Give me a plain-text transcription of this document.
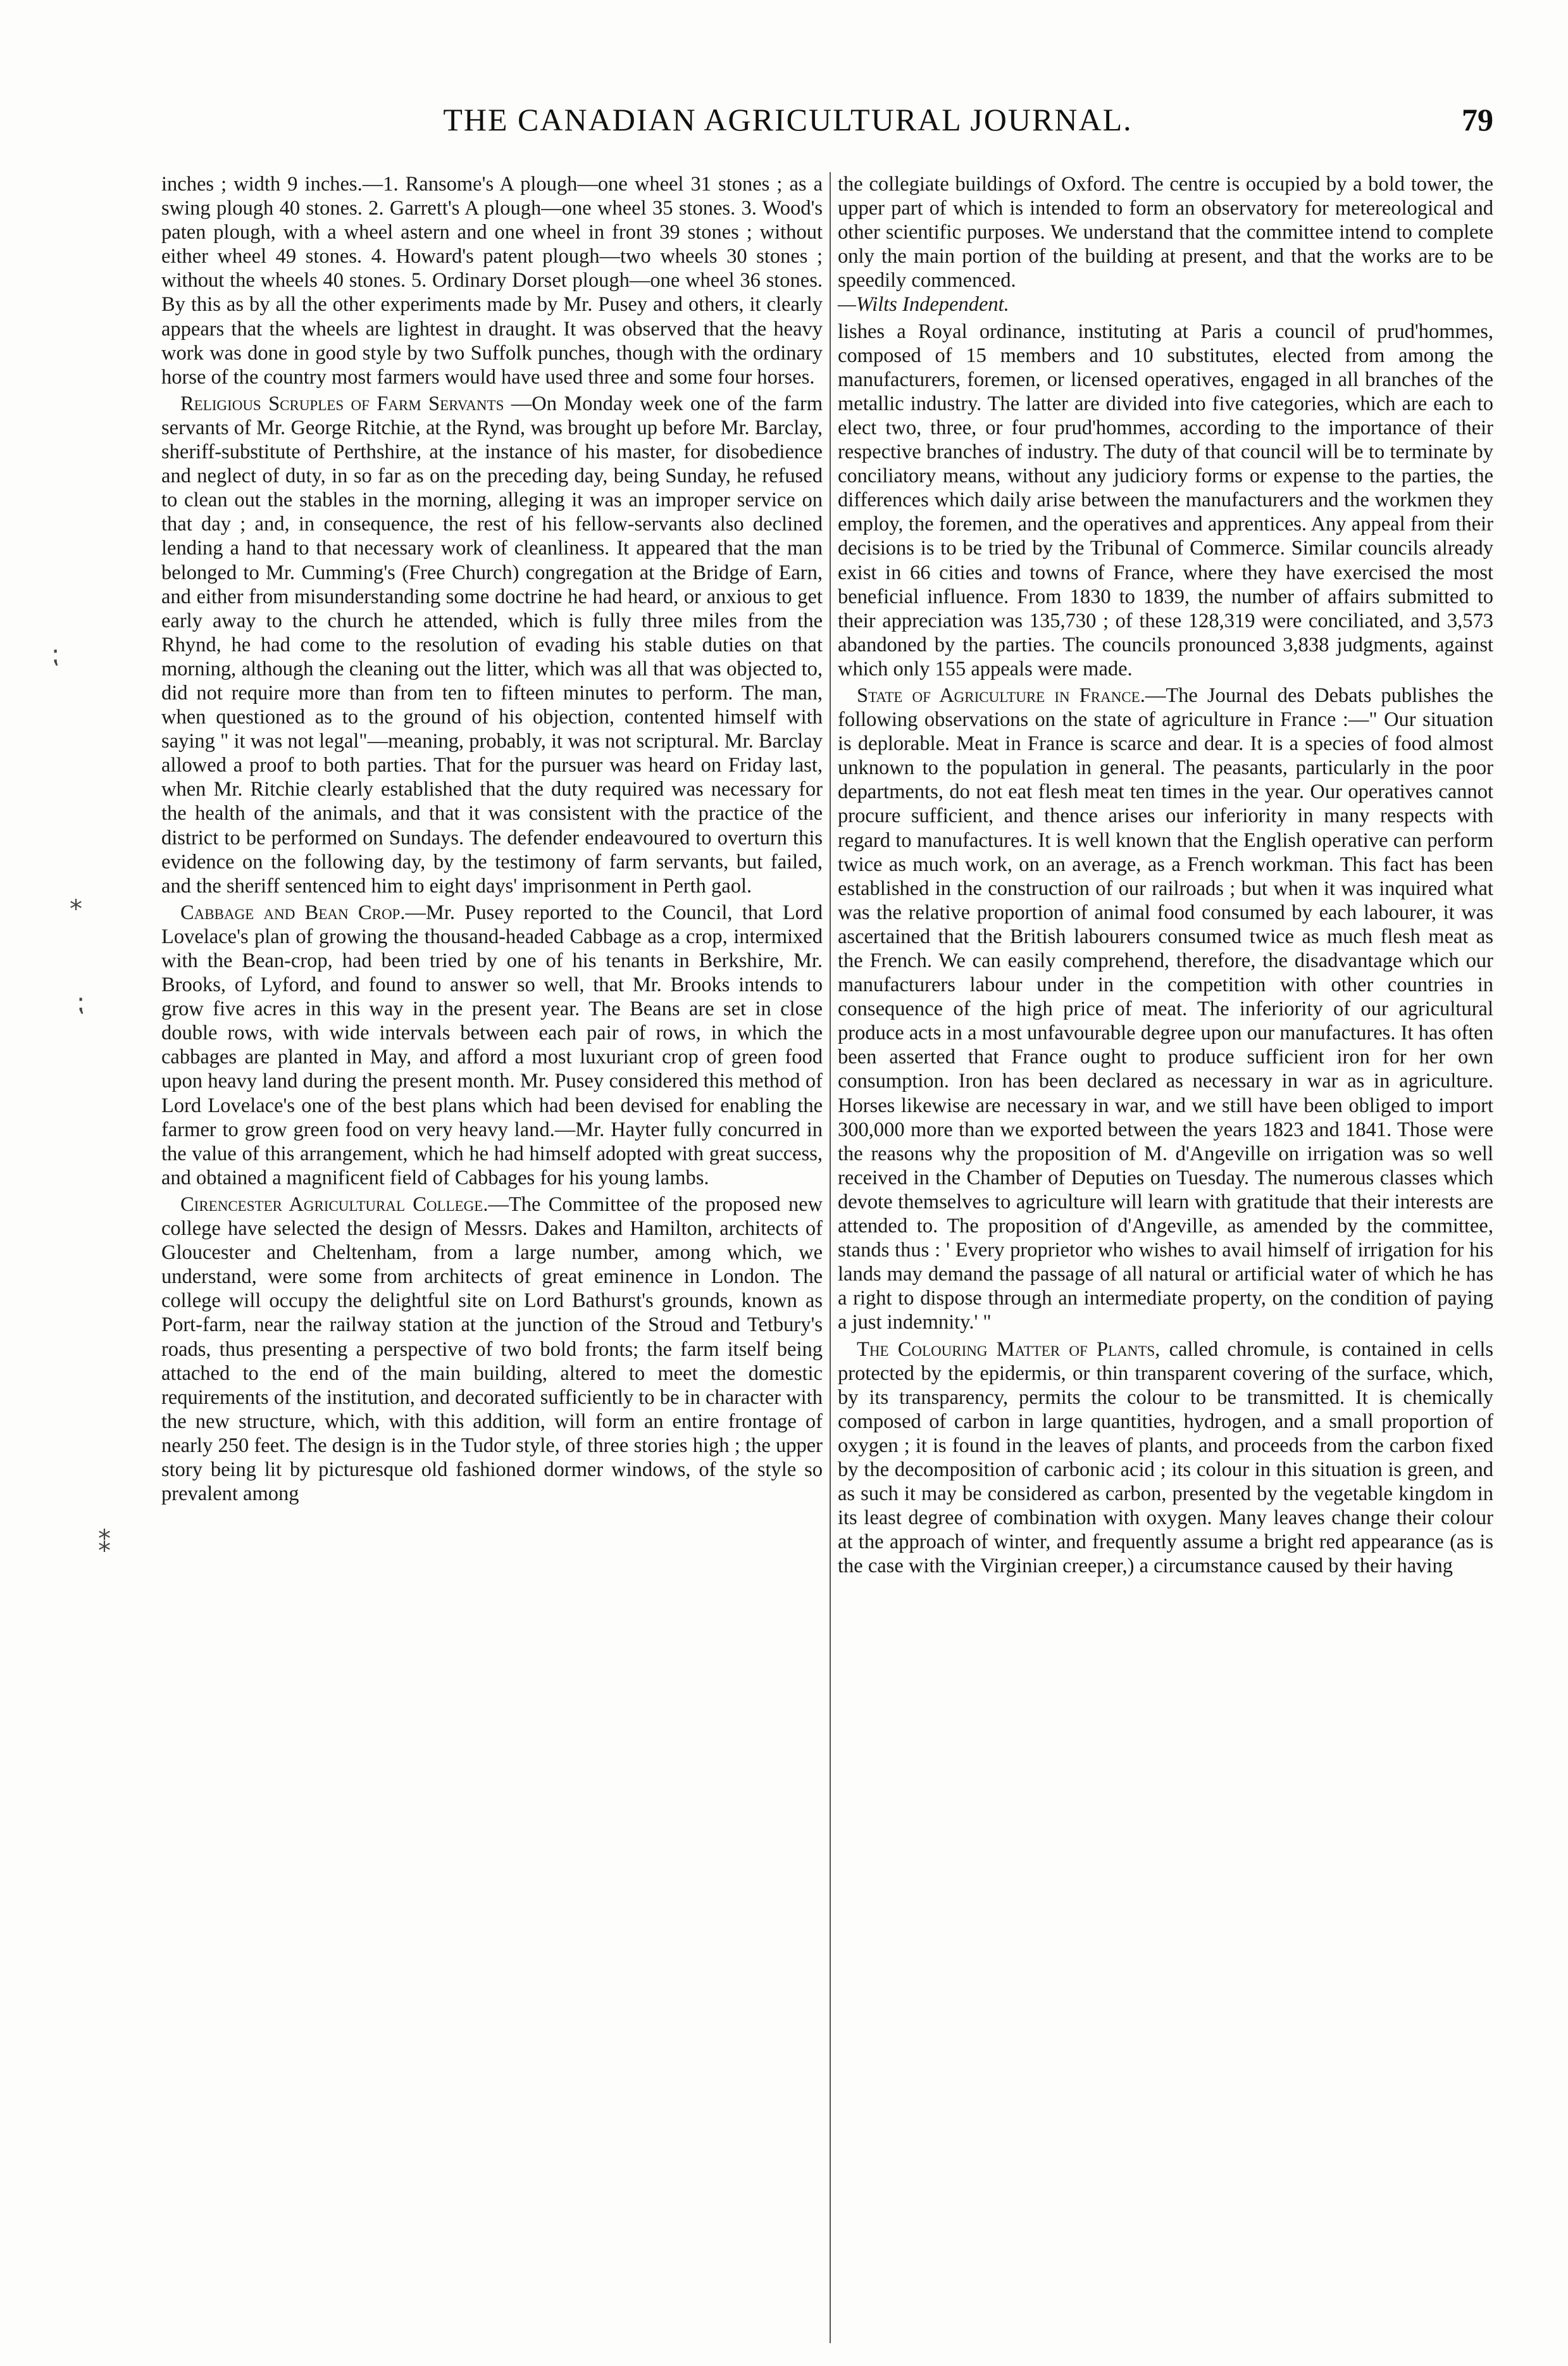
THE CANADIAN AGRICULTURAL JOURNAL.	79
⁏
⁎
⁏
⁑

inches ; width 9 inches.—1. Ransome's A plough—one wheel 31 stones ; as a swing plough 40 stones. 2. Garrett's A plough—one wheel 35 stones. 3. Wood's paten plough, with a wheel astern and one wheel in front 39 stones ; without either wheel 49 stones. 4. Howard's patent plough—two wheels 30 stones ; without the wheels 40 stones. 5. Ordinary Dorset plough—one wheel 36 stones. By this as by all the other experiments made by Mr. Pusey and others, it clearly appears that the wheels are lightest in draught. It was observed that the heavy work was done in good style by two Suffolk punches, though with the ordinary horse of the country most farmers would have used three and some four horses.

Religious Scruples of Farm Servants —On Monday week one of the farm servants of Mr. George Ritchie, at the Rynd, was brought up before Mr. Barclay, sheriff-substitute of Perthshire, at the instance of his master, for disobedience and neglect of duty, in so far as on the preceding day, being Sunday, he refused to clean out the stables in the morning, alleging it was an improper service on that day ; and, in consequence, the rest of his fellow-servants also declined lending a hand to that necessary work of cleanliness. It appeared that the man belonged to Mr. Cumming's (Free Church) congregation at the Bridge of Earn, and either from misunderstanding some doctrine he had heard, or anxious to get early away to the church he attended, which is fully three miles from the Rhynd, he had come to the resolution of evading his stable duties on that morning, although the cleaning out the litter, which was all that was objected to, did not require more than from ten to fifteen minutes to perform. The man, when questioned as to the ground of his objection, contented himself with saying " it was not legal"—meaning, probably, it was not scriptural. Mr. Barclay allowed a proof to both parties. That for the pursuer was heard on Friday last, when Mr. Ritchie clearly established that the duty required was necessary for the health of the animals, and that it was consistent with the practice of the district to be performed on Sundays. The defender endeavoured to overturn this evidence on the following day, by the testimony of farm servants, but failed, and the sheriff sentenced him to eight days' imprisonment in Perth gaol.

Cabbage and Bean Crop.—Mr. Pusey reported to the Council, that Lord Lovelace's plan of growing the thousand-headed Cabbage as a crop, intermixed with the Bean-crop, had been tried by one of his tenants in Berkshire, Mr. Brooks, of Lyford, and found to answer so well, that Mr. Brooks intends to grow five acres in this way in the present year. The Beans are set in close double rows, with wide intervals between each pair of rows, in which the cabbages are planted in May, and afford a most luxuriant crop of green food upon heavy land during the present month. Mr. Pusey considered this method of Lord Lovelace's one of the best plans which had been devised for enabling the farmer to grow green food on very heavy land.—Mr. Hayter fully concurred in the value of this arrangement, which he had himself adopted with great success, and obtained a magnificent field of Cabbages for his young lambs.

Cirencester Agricultural College.—The Committee of the proposed new college have selected the design of Messrs. Dakes and Hamilton, architects of Gloucester and Cheltenham, from a large number, among which, we understand, were some from architects of great eminence in London. The college will occupy the delightful site on Lord Bathurst's grounds, known as Port-farm, near the railway station at the junction of the Stroud and Tetbury's roads, thus presenting a perspective of two bold fronts; the farm itself being attached to the end of the main building, altered to meet the domestic requirements of the institution, and decorated sufficiently to be in character with the new structure, which, with this addition, will form an entire frontage of nearly 250 feet. The design is in the Tudor style, of three stories high ; the upper story being lit by picturesque old fashioned dormer windows, of the style so prevalent among

the collegiate buildings of Oxford. The centre is occupied by a bold tower, the upper part of which is intended to form an observatory for metereological and other scientific purposes. We understand that the committee intend to complete only the main portion of the building at present, and that the works are to be speedily commenced.
—Wilts Independent.

lishes a Royal ordinance, instituting at Paris a council of prud'hommes, composed of 15 members and 10 substitutes, elected from among the manufacturers, foremen, or licensed operatives, engaged in all branches of the metallic industry. The latter are divided into five categories, which are each to elect two, three, or four prud'hommes, according to the importance of their respective branches of industry. The duty of that council will be to terminate by conciliatory means, without any judiciory forms or expense to the parties, the differences which daily arise between the manufacturers and the workmen they employ, the foremen, and the operatives and apprentices. Any appeal from their decisions is to be tried by the Tribunal of Commerce. Similar councils already exist in 66 cities and towns of France, where they have exercised the most beneficial influence. From 1830 to 1839, the number of affairs submitted to their appreciation was 135,730 ; of these 128,319 were conciliated, and 3,573 abandoned by the parties. The councils pronounced 3,838 judgments, against which only 155 appeals were made.

State of Agriculture in France.—The Journal des Debats publishes the following observations on the state of agriculture in France :—" Our situation is deplorable. Meat in France is scarce and dear. It is a species of food almost unknown to the population in general. The peasants, particularly in the poor departments, do not eat flesh meat ten times in the year. Our operatives cannot procure sufficient, and thence arises our inferiority in many respects with regard to manufactures. It is well known that the English operative can perform twice as much work, on an average, as a French workman. This fact has been established in the construction of our railroads ; but when it was inquired what was the relative proportion of animal food consumed by each labourer, it was ascertained that the British labourers consumed twice as much flesh meat as the French. We can easily comprehend, therefore, the disadvantage which our manufacturers labour under in the competition with other countries in consequence of the high price of meat. The inferiority of our agricultural produce acts in a most unfavourable degree upon our manufactures. It has often been asserted that France ought to produce sufficient iron for her own consumption. Iron has been declared as necessary in war as in agriculture. Horses likewise are necessary in war, and we still have been obliged to import 300,000 more than we exported between the years 1823 and 1841. Those were the reasons why the proposition of M. d'Angeville on irrigation was so well received in the Chamber of Deputies on Tuesday. The numerous classes which devote themselves to agriculture will learn with gratitude that their interests are attended to. The proposition of d'Angeville, as amended by the committee, stands thus : ' Every proprietor who wishes to avail himself of irrigation for his lands may demand the passage of all natural or artificial water of which he has a right to dispose through an intermediate property, on the condition of paying a just indemnity.' "

The Colouring Matter of Plants, called chromule, is contained in cells protected by the epidermis, or thin transparent covering of the surface, which, by its transparency, permits the colour to be transmitted. It is chemically composed of carbon in large quantities, hydrogen, and a small proportion of oxygen ; it is found in the leaves of plants, and proceeds from the carbon fixed by the decomposition of carbonic acid ; its colour in this situation is green, and as such it may be considered as carbon, presented by the vegetable kingdom in its least degree of combination with oxygen. Many leaves change their colour at the approach of winter, and frequently assume a bright red appearance (as is the case with the Virginian creeper,) a circumstance caused by their having
